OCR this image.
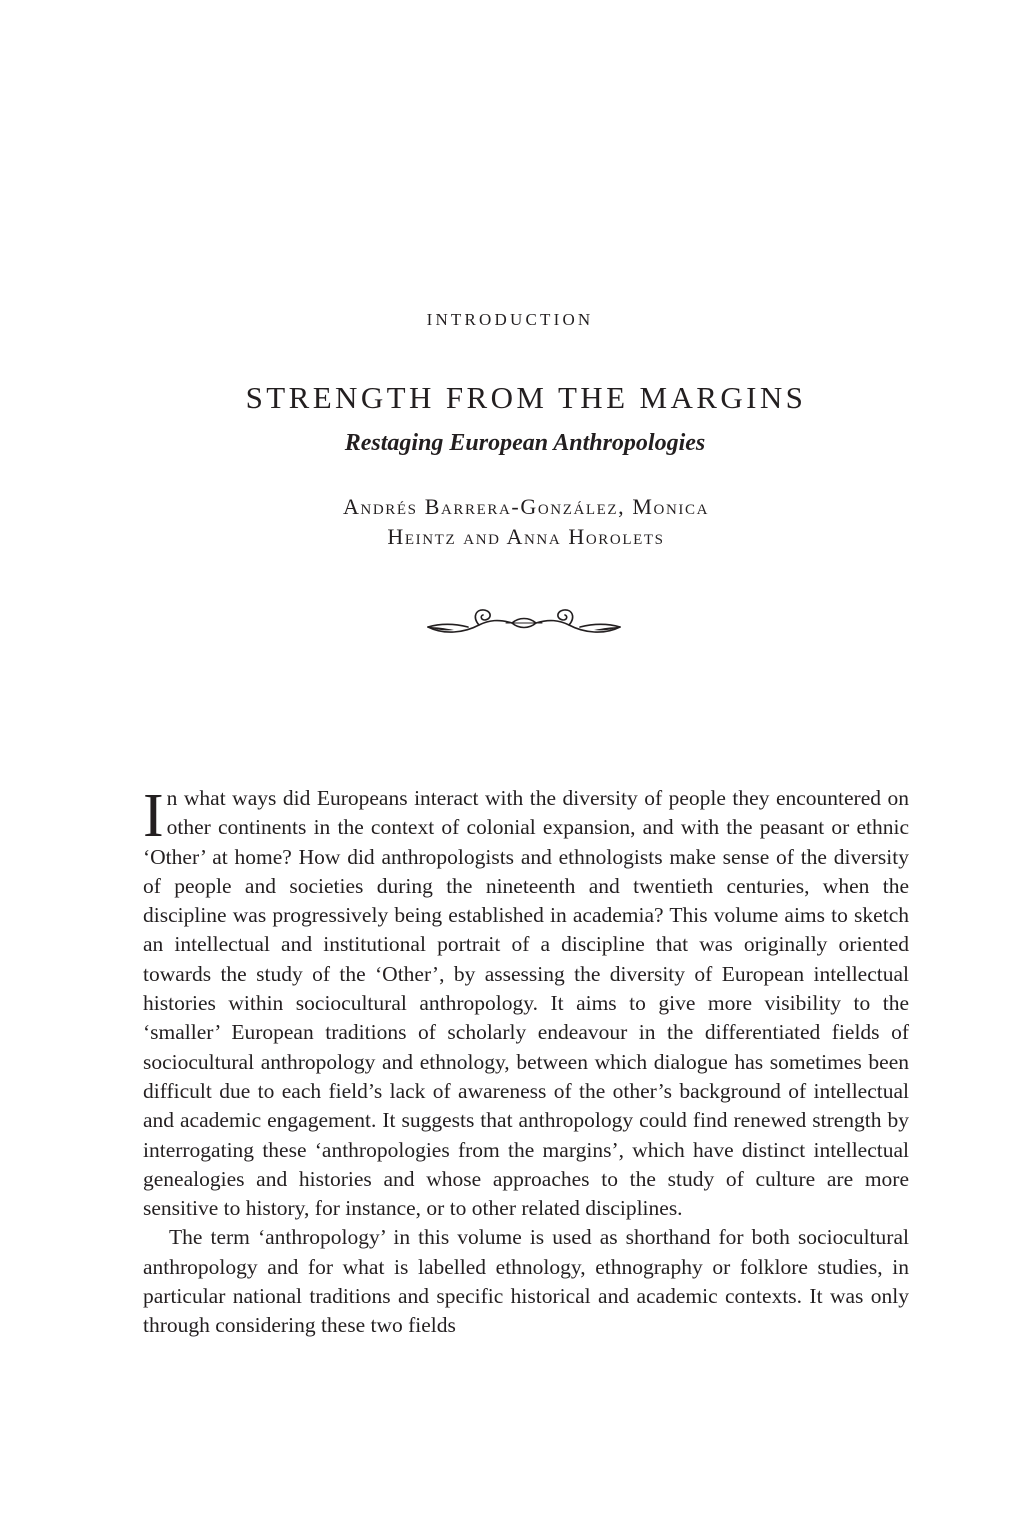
INTRODUCTION
STRENGTH FROM THE MARGINS
Restaging European Anthropologies
Andrés Barrera-González, Monica
Heintz and Anna Horolets

In what ways did Europeans interact with the diversity of people they encountered on other continents in the context of colonial expansion, and with the peasant or ethnic ‘Other’ at home? How did anthropologists and ethnologists make sense of the diversity of people and societies during the nineteenth and twentieth centuries, when the discipline was progressively being established in academia? This volume aims to sketch an intellectual and institutional portrait of a discipline that was originally oriented towards the study of the ‘Other’, by assessing the diversity of European intellectual histories within sociocultural anthropology. It aims to give more visibility to the ‘smaller’ European traditions of scholarly endeavour in the differentiated fields of sociocultural anthropology and ethnology, between which dialogue has sometimes been difficult due to each field’s lack of awareness of the other’s background of intellectual and academic engagement. It suggests that anthropology could find renewed strength by interrogating these ‘anthropologies from the margins’, which have distinct intellectual genealogies and histories and whose approaches to the study of culture are more sensitive to history, for instance, or to other related disciplines.

The term ‘anthropology’ in this volume is used as shorthand for both sociocultural anthropology and for what is labelled ethnology, ethnography or folklore studies, in particular national traditions and specific historical and academic contexts. It was only through considering these two fields
